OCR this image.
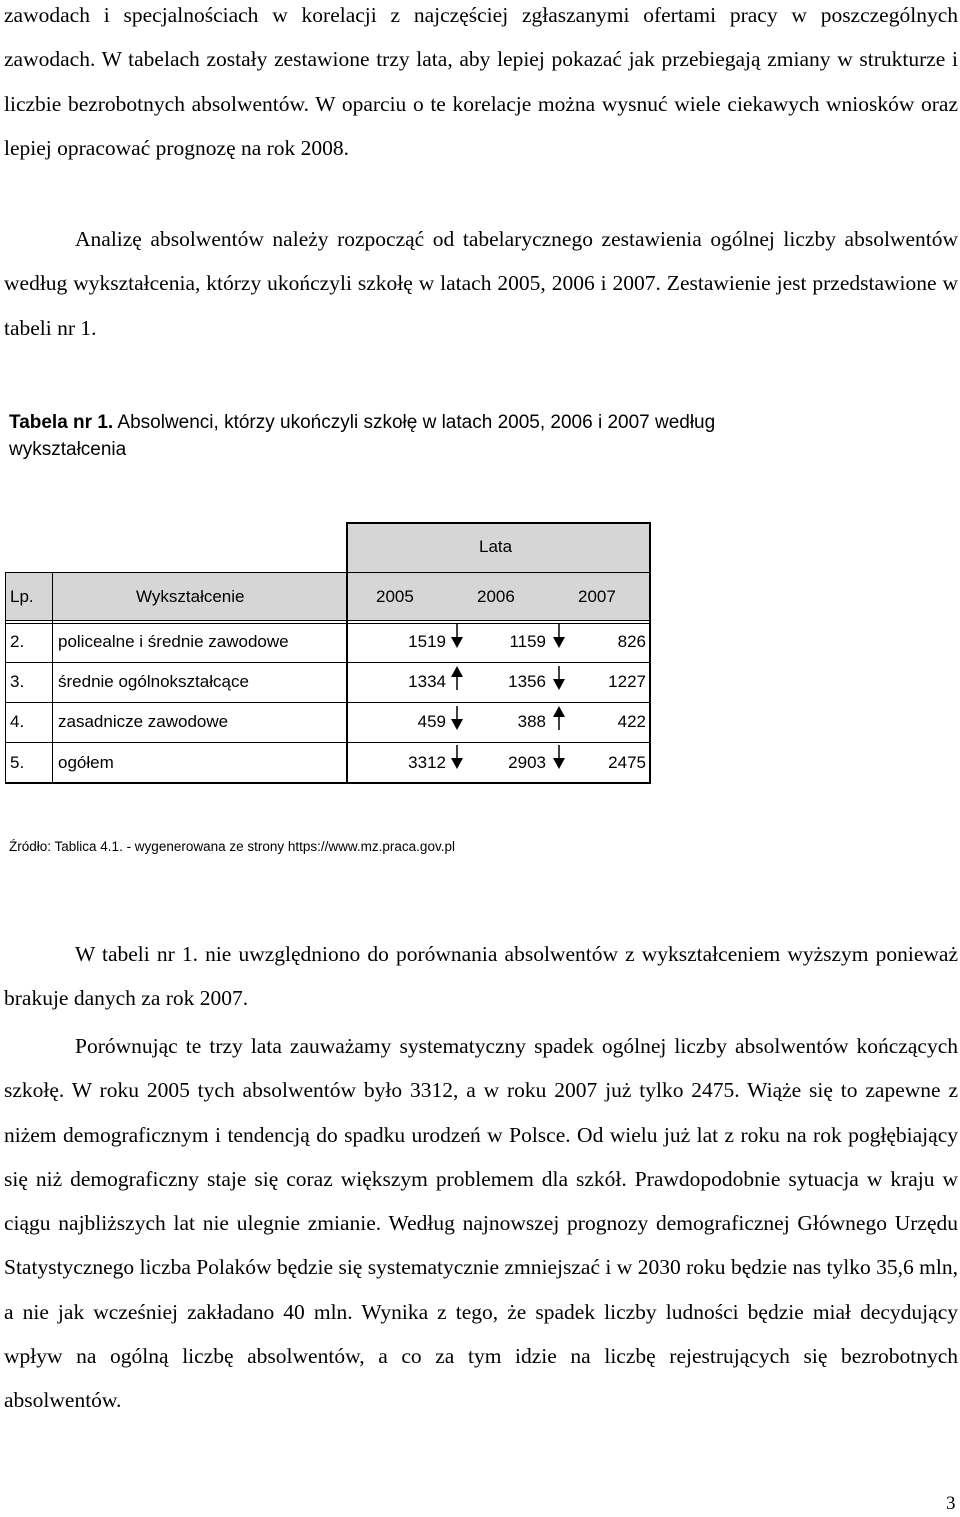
zawodach i specjalnościach w korelacji z najczęściej zgłaszanymi ofertami pracy w poszczególnych zawodach. W tabelach zostały zestawione trzy lata, aby lepiej pokazać jak przebiegają zmiany w strukturze i liczbie bezrobotnych absolwentów. W oparciu o te korelacje można wysnuć wiele ciekawych wniosków oraz lepiej opracować prognozę na rok 2008.

Analizę absolwentów należy rozpocząć od tabelarycznego zestawienia ogólnej liczby absolwentów według wykształcenia, którzy ukończyli szkołę w latach 2005, 2006 i 2007. Zestawienie jest przedstawione w tabeli nr 1.

Tabela nr 1. Absolwenci, którzy ukończyli szkołę w latach 2005, 2006 i 2007 według wykształcenia

Lata
Lp.	Wykształcenie	2005	2006	2007
2. policealne i średnie zawodowe	1519	1159	826
3. średnie ogólnokształcące	1334	1356	1227
4. zasadnicze zawodowe	459	388	422
5. ogółem	3312	2903	2475
Źródło: Tablica 4.1. - wygenerowana ze strony https://www.mz.praca.gov.pl

W tabeli nr 1. nie uwzględniono do porównania absolwentów z wykształceniem wyższym ponieważ brakuje danych za rok 2007.

Porównując te trzy lata zauważamy systematyczny spadek ogólnej liczby absolwentów kończących szkołę. W roku 2005 tych absolwentów było 3312, a w roku 2007 już tylko 2475. Wiąże się to zapewne z niżem demograficznym i tendencją do spadku urodzeń w Polsce. Od wielu już lat z roku na rok pogłębiający się niż demograficzny staje się coraz większym problemem dla szkół. Prawdopodobnie sytuacja w kraju w ciągu najbliższych lat nie ulegnie zmianie. Według najnowszej prognozy demograficznej Głównego Urzędu Statystycznego liczba Polaków będzie się systematycznie zmniejszać i w 2030 roku będzie nas tylko 35,6 mln, a nie jak wcześniej zakładano 40 mln. Wynika z tego, że spadek liczby ludności będzie miał decydujący wpływ na ogólną liczbę absolwentów, a co za tym idzie na liczbę rejestrujących się bezrobotnych absolwentów.

3
